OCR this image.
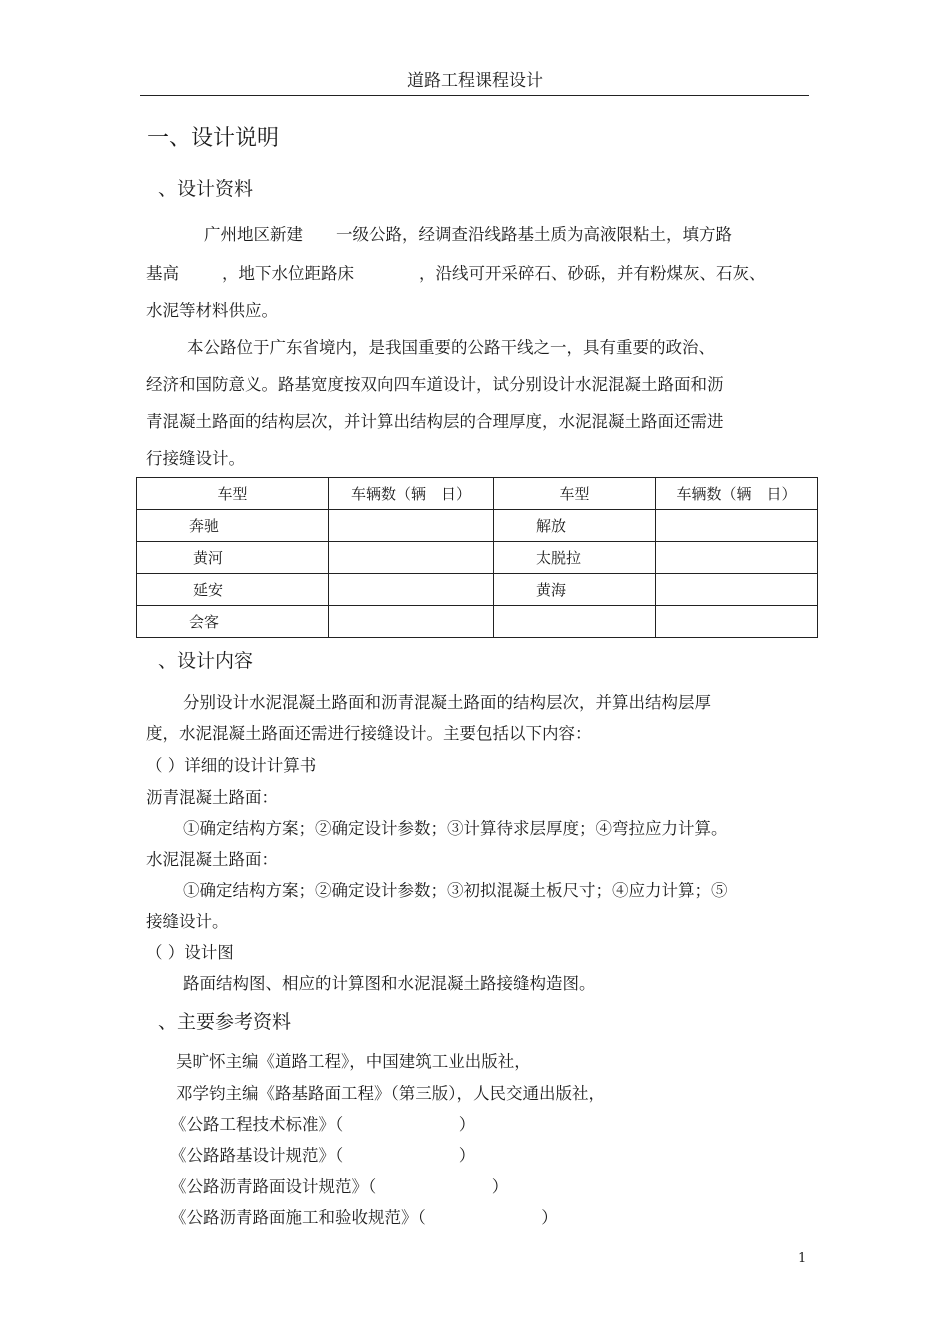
道路工程课程设计
一、设计说明
、设计资料
广州地区新建　　一级公路，经调查沿线路基土质为高液限粘土，填方路
基高	，地下水位距路床	，沿线可开采碎石、砂砾，并有粉煤灰、石灰、
水泥等材料供应。
本公路位于广东省境内，是我国重要的公路干线之一，具有重要的政治、
经济和国防意义。路基宽度按双向四车道设计，试分别设计水泥混凝土路面和沥
青混凝土路面的结构层次，并计算出结构层的合理厚度，水泥混凝土路面还需进
行接缝设计。
车型	车辆数（辆　日）	车型	车辆数（辆　日）
奔驰		解放	
黄河		太脱拉	
延安		黄海	
会客			
、设计内容
分别设计水泥混凝土路面和沥青混凝土路面的结构层次，并算出结构层厚
度，水泥混凝土路面还需进行接缝设计。主要包括以下内容：
（ ）详细的设计计算书
沥青混凝土路面：
①确定结构方案；②确定设计参数；③计算待求层厚度；④弯拉应力计算。
水泥混凝土路面：
①确定结构方案；②确定设计参数；③初拟混凝土板尺寸；④应力计算；⑤
接缝设计。
（ ）设计图
路面结构图、相应的计算图和水泥混凝土路接缝构造图。
、主要参考资料
吴旷怀主编《道路工程》，中国建筑工业出版社，
邓学钧主编《路基路面工程》（第三版），人民交通出版社，
《公路工程技术标准》（　　　　　　　）
《公路路基设计规范》（　　　　　　　）
《公路沥青路面设计规范》（　　　　　　　）
《公路沥青路面施工和验收规范》（　　　　　　　）
1
